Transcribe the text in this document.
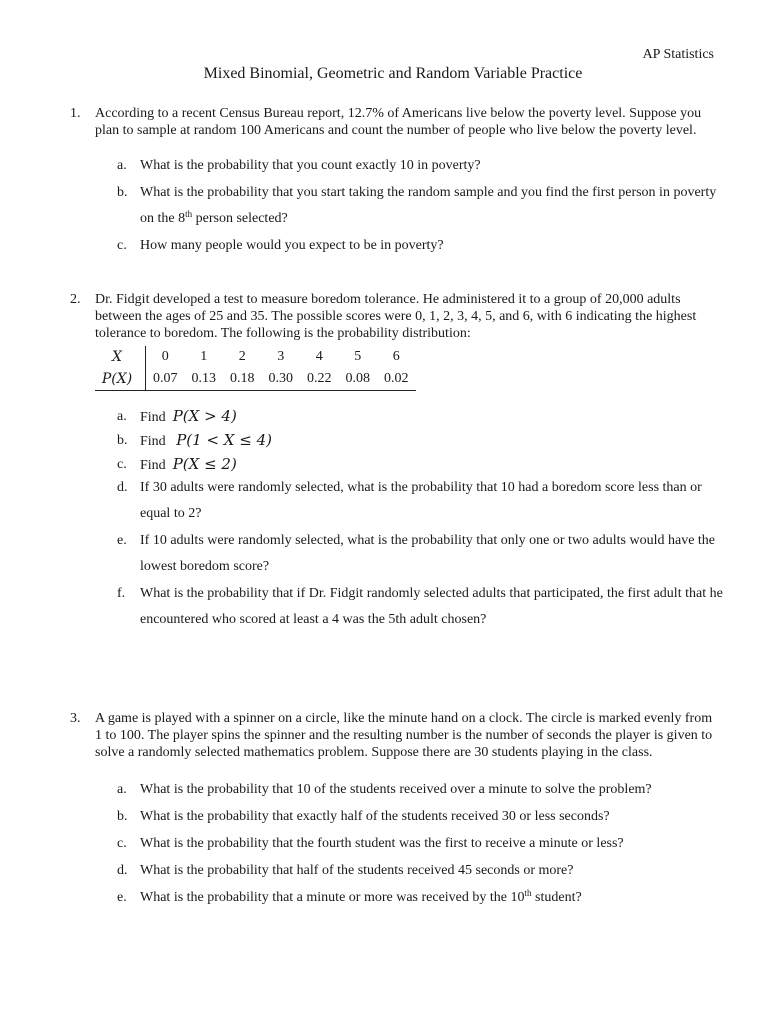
AP Statistics
Mixed Binomial, Geometric and Random Variable Practice
1.	According to a recent Census Bureau report, 12.7% of Americans live below the poverty level. Suppose you plan to sample at random 100 Americans and count the number of people who live below the poverty level.
a. What is the probability that you count exactly 10 in poverty?
b. What is the probability that you start taking the random sample and you find the first person in poverty on the 8th person selected?
c. How many people would you expect to be in poverty?
2.	Dr. Fidgit developed a test to measure boredom tolerance. He administered it to a group of 20,000 adults between the ages of 25 and 35. The possible scores were 0, 1, 2, 3, 4, 5, and 6, with 6 indicating the highest tolerance to boredom. The following is the probability distribution:
X	0	1	2	3	4	5	6
P(X)	0.07	0.13	0.18	0.30	0.22	0.08	0.02
a. Find P(X > 4)
b. Find P(1 < X ≤ 4)
c. Find P(X ≤ 2)
d. If 30 adults were randomly selected, what is the probability that 10 had a boredom score less than or equal to 2?
e. If 10 adults were randomly selected, what is the probability that only one or two adults would have the lowest boredom score?
f.	What is the probability that if Dr. Fidgit randomly selected adults that participated, the first adult that he encountered who scored at least a 4 was the 5th adult chosen?
3.	A game is played with a spinner on a circle, like the minute hand on a clock. The circle is marked evenly from 1 to 100. The player spins the spinner and the resulting number is the number of seconds the player is given to solve a randomly selected mathematics problem. Suppose there are 30 students playing in the class.
a. What is the probability that 10 of the students received over a minute to solve the problem?
b. What is the probability that exactly half of the students received 30 or less seconds?
c. What is the probability that the fourth student was the first to receive a minute or less?
d. What is the probability that half of the students received 45 seconds or more?
e. What is the probability that a minute or more was received by the 10th student?
